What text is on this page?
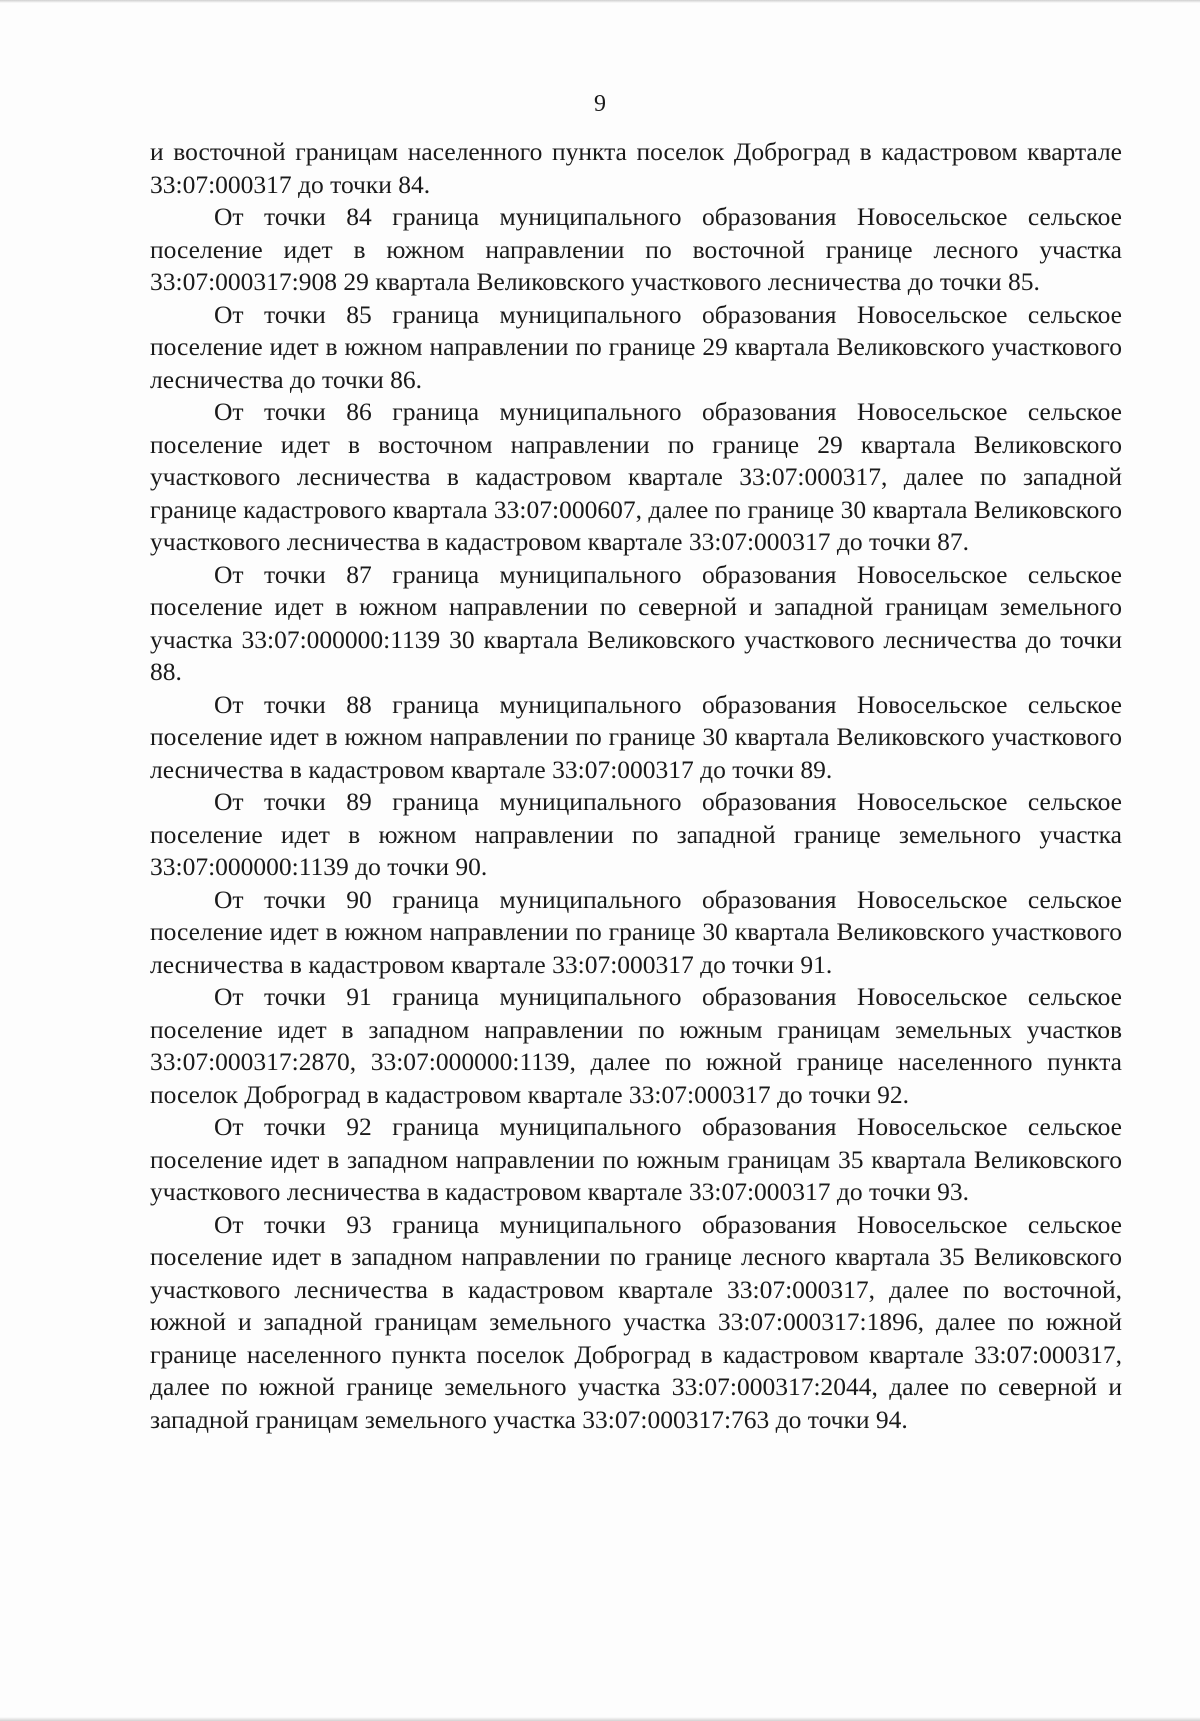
9

и восточной границам населенного пункта поселок Доброград в кадастровом квартале 33:07:000317 до точки 84.

От точки 84 граница муниципального образования Новосельское сельское поселение идет в южном направлении по восточной границе лесного участка 33:07:000317:908 29 квартала Великовского участкового лесничества до точки 85.

От точки 85 граница муниципального образования Новосельское сельское поселение идет в южном направлении по границе 29 квартала Великовского участкового лесничества до точки 86.

От точки 86 граница муниципального образования Новосельское сельское поселение идет в восточном направлении по границе 29 квартала Великовского участкового лесничества в кадастровом квартале 33:07:000317, далее по западной границе кадастрового квартала 33:07:000607, далее по границе 30 квартала Великовского участкового лесничества в кадастровом квартале 33:07:000317 до точки 87.

От точки 87 граница муниципального образования Новосельское сельское поселение идет в южном направлении по северной и западной границам земельного участка 33:07:000000:1139 30 квартала Великовского участкового лесничества до точки 88.

От точки 88 граница муниципального образования Новосельское сельское поселение идет в южном направлении по границе 30 квартала Великовского участкового лесничества в кадастровом квартале 33:07:000317 до точки 89.

От точки 89 граница муниципального образования Новосельское сельское поселение идет в южном направлении по западной границе земельного участка 33:07:000000:1139 до точки 90.

От точки 90 граница муниципального образования Новосельское сельское поселение идет в южном направлении по границе 30 квартала Великовского участкового лесничества в кадастровом квартале 33:07:000317 до точки 91.

От точки 91 граница муниципального образования Новосельское сельское поселение идет в западном направлении по южным границам земельных участков 33:07:000317:2870, 33:07:000000:1139, далее по южной границе населенного пункта поселок Доброград в кадастровом квартале 33:07:000317 до точки 92.

От точки 92 граница муниципального образования Новосельское сельское поселение идет в западном направлении по южным границам 35 квартала Великовского участкового лесничества в кадастровом квартале 33:07:000317 до точки 93.

От точки 93 граница муниципального образования Новосельское сельское поселение идет в западном направлении по границе лесного квартала 35 Великовского участкового лесничества в кадастровом квартале 33:07:000317, далее по восточной, южной и западной границам земельного участка 33:07:000317:1896, далее по южной границе населенного пункта поселок Доброград в кадастровом квартале 33:07:000317, далее по южной границе земельного участка 33:07:000317:2044, далее по северной и западной границам земельного участка 33:07:000317:763 до точки 94.
